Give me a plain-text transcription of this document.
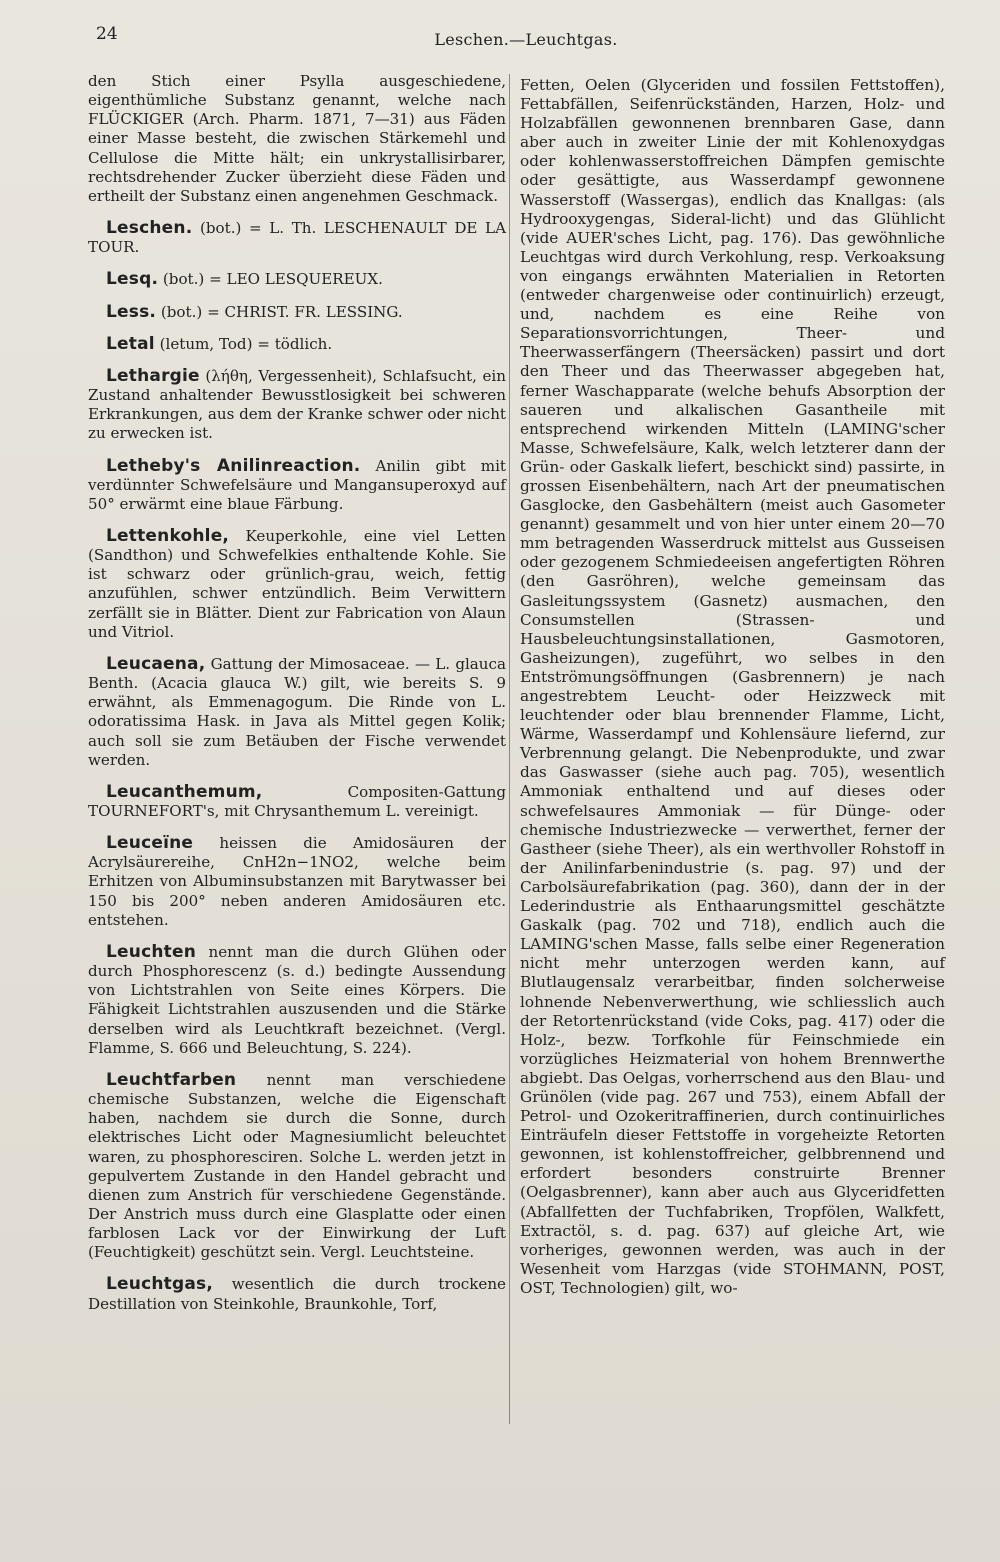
24	Leschen.—Leuchtgas.

den Stich einer Psylla ausgeschiedene, eigenthümliche Substanz genannt, welche nach FLÜCKIGER (Arch. Pharm. 1871, 7—31) aus Fäden einer Masse besteht, die zwischen Stärkemehl und Cellulose die Mitte hält; ein unkrystallisirbarer, rechtsdrehender Zucker überzieht diese Fäden und ertheilt der Substanz einen angenehmen Geschmack.

Leschen. (bot.) = L. Th. LESCHENAULT DE LA TOUR.

Lesq. (bot.) = LEO LESQUEREUX.

Less. (bot.) = CHRIST. FR. LESSING.

Letal (letum, Tod) = tödlich.

Lethargie (λήθη, Vergessenheit), Schlafsucht, ein Zustand anhaltender Bewusstlosigkeit bei schweren Erkrankungen, aus dem der Kranke schwer oder nicht zu erwecken ist.

Letheby's Anilinreaction. Anilin gibt mit verdünnter Schwefelsäure und Mangansuperoxyd auf 50° erwärmt eine blaue Färbung.

Lettenkohle, Keuperkohle, eine viel Letten (Sandthon) und Schwefelkies enthaltende Kohle. Sie ist schwarz oder grünlich-grau, weich, fettig anzufühlen, schwer entzündlich. Beim Verwittern zerfällt sie in Blätter. Dient zur Fabrication von Alaun und Vitriol.

Leucaena, Gattung der Mimosaceae. — L. glauca Benth. (Acacia glauca W.) gilt, wie bereits S. 9 erwähnt, als Emmenagogum. Die Rinde von L. odoratissima Hask. in Java als Mittel gegen Kolik; auch soll sie zum Betäuben der Fische verwendet werden.

Leucanthemum,	Compositen-Gattung TOURNEFORT's, mit Chrysanthemum L. vereinigt.

Leuceïne heissen die Amidosäuren der Acrylsäurereihe, CnH2n−1NO2, welche beim Erhitzen von Albuminsubstanzen mit Barytwasser bei 150 bis 200° neben anderen Amidosäuren etc. entstehen.

Leuchten nennt man die durch Glühen oder durch Phosphorescenz (s. d.) bedingte Aussendung von Lichtstrahlen von Seite eines Körpers. Die Fähigkeit Lichtstrahlen auszusenden und die Stärke derselben wird als Leuchtkraft bezeichnet. (Vergl. Flamme, S. 666 und Beleuchtung, S. 224).

Leuchtfarben nennt man verschiedene chemische Substanzen, welche die Eigenschaft haben, nachdem sie durch die Sonne, durch elektrisches Licht oder Magnesiumlicht beleuchtet waren, zu phosphoresciren. Solche L. werden jetzt in gepulvertem Zustande in den Handel gebracht und dienen zum Anstrich für verschiedene Gegenstände. Der Anstrich muss durch eine Glasplatte oder einen farblosen Lack vor der Einwirkung der Luft (Feuchtigkeit) geschützt sein. Vergl. Leuchtsteine.

Leuchtgas, wesentlich die durch trockene Destillation von Steinkohle, Braunkohle, Torf,

Fetten, Oelen (Glyceriden und fossilen Fettstoffen), Fettabfällen, Seifenrückständen, Harzen, Holz- und Holzabfällen gewonnenen brennbaren Gase, dann aber auch in zweiter Linie der mit Kohlenoxydgas oder kohlenwasserstoffreichen Dämpfen gemischte oder gesättigte, aus Wasserdampf gewonnene Wasserstoff (Wassergas), endlich das Knallgas: (als Hydrooxygengas, Sideral-licht) und das Glühlicht (vide AUER'sches Licht, pag. 176). Das gewöhnliche Leuchtgas wird durch Verkohlung, resp. Verkoaksung von eingangs erwähnten Materialien in Retorten (entweder chargenweise oder continuirlich) erzeugt, und, nachdem es eine Reihe von Separationsvorrichtungen, Theer- und Theerwasserfängern (Theersäcken) passirt und dort den Theer und das Theerwasser abgegeben hat, ferner Waschapparate (welche behufs Absorption der saueren und alkalischen Gasantheile mit entsprechend wirkenden Mitteln (LAMING'scher Masse, Schwefelsäure, Kalk, welch letzterer dann der Grün- oder Gaskalk liefert, beschickt sind) passirte, in grossen Eisenbehältern, nach Art der pneumatischen Gasglocke, den Gasbehältern (meist auch Gasometer genannt) gesammelt und von hier unter einem 20—70 mm betragenden Wasserdruck mittelst aus Gusseisen oder gezogenem Schmiedeeisen angefertigten Röhren (den Gasröhren), welche gemeinsam das Gasleitungssystem (Gasnetz) ausmachen, den Consumstellen (Strassen- und Hausbeleuchtungsinstallationen, Gasmotoren, Gasheizungen), zugeführt, wo selbes in den Entströmungsöffnungen (Gasbrennern) je nach angestrebtem Leucht- oder Heizzweck mit leuchtender oder blau brennender Flamme, Licht, Wärme, Wasserdampf und Kohlensäure liefernd, zur Verbrennung gelangt. Die Nebenprodukte, und zwar das Gaswasser (siehe auch pag. 705), wesentlich Ammoniak enthaltend und auf dieses oder schwefelsaures Ammoniak — für Dünge- oder chemische Industriezwecke — verwerthet, ferner der Gastheer (siehe Theer), als ein werthvoller Rohstoff in der Anilinfarbenindustrie (s. pag. 97) und der Carbolsäurefabrikation (pag. 360), dann der in der Lederindustrie als Enthaarungsmittel geschätzte Gaskalk (pag. 702 und 718), endlich auch die LAMING'schen Masse, falls selbe einer Regeneration nicht mehr unterzogen werden kann, auf Blutlaugensalz verarbeitbar, finden solcherweise lohnende Nebenverwerthung, wie schliesslich auch der Retortenrückstand (vide Coks, pag. 417) oder die Holz-, bezw. Torfkohle für Feinschmiede ein vorzügliches Heizmaterial von hohem Brennwerthe abgiebt. Das Oelgas, vorherrschend aus den Blau- und Grünölen (vide pag. 267 und 753), einem Abfall der Petrol- und Ozokeritraffinerien, durch continuirliches Einträufeln dieser Fettstoffe in vorgeheizte Retorten gewonnen, ist kohlenstoffreicher, gelbbrennend und erfordert besonders construirte Brenner (Oelgasbrenner), kann aber auch aus Glyceridfetten (Abfallfetten der Tuchfabriken, Tropfölen, Walkfett, Extractöl, s. d. pag. 637) auf gleiche Art, wie vorheriges, gewonnen werden, was auch in der Wesenheit vom Harzgas (vide STOHMANN, POST, OST, Technologien) gilt, wo-
